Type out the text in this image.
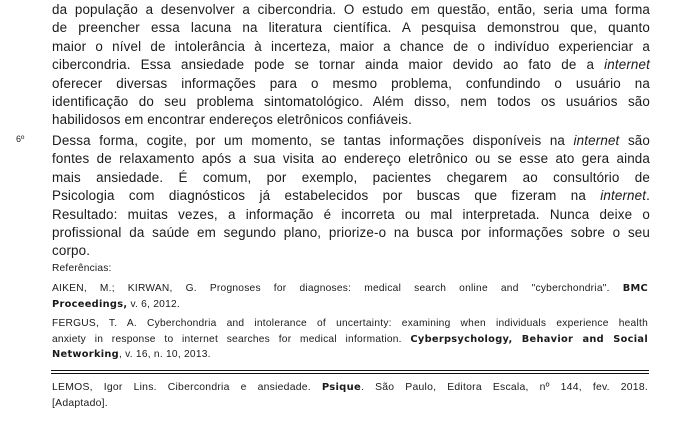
da população a desenvolver a cibercondria. O estudo em questão, então, seria uma forma
de preencher essa lacuna na literatura científica. A pesquisa demonstrou que, quanto
maior o nível de intolerância à incerteza, maior a chance de o indivíduo experienciar a
cibercondria. Essa ansiedade pode se tornar ainda maior devido ao fato de a internet
oferecer diversas informações para o mesmo problema, confundindo o usuário na
identificação do seu problema sintomatológico. Além disso, nem todos os usuários são
habilidosos em encontrar endereços eletrônicos confiáveis.
6º Dessa forma, cogite, por um momento, se tantas informações disponíveis na internet são
fontes de relaxamento após a sua visita ao endereço eletrônico ou se esse ato gera ainda
mais ansiedade. É comum, por exemplo, pacientes chegarem ao consultório de
Psicologia com diagnósticos já estabelecidos por buscas que fizeram na internet.
Resultado: muitas vezes, a informação é incorreta ou mal interpretada. Nunca deixe o
profissional da saúde em segundo plano, priorize-o na busca por informações sobre o seu
corpo.
Referências:
AIKEN, M.; KIRWAN, G. Prognoses for diagnoses: medical search online and "cyberchondria". BMC
Proceedings, v. 6, 2012.
FERGUS, T. A. Cyberchondria and intolerance of uncertainty: examining when individuals experience health
anxiety in response to internet searches for medical information. Cyberpsychology, Behavior and Social
Networking, v. 16, n. 10, 2013.
LEMOS, Igor Lins. Cibercondria e ansiedade. Psique. São Paulo, Editora Escala, nº 144, fev. 2018.
[Adaptado].
